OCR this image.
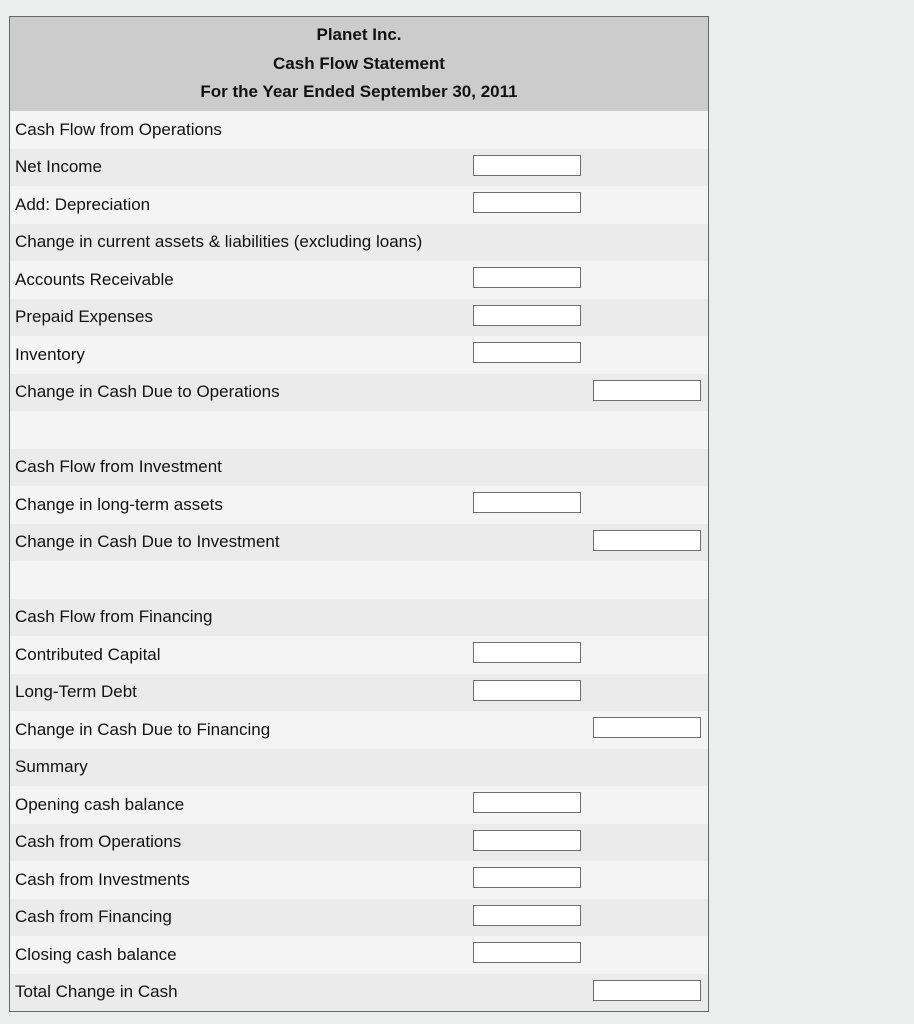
Planet Inc.
Cash Flow Statement
For the Year Ended September 30, 2011
Cash Flow from Operations
Net Income
Add: Depreciation
Change in current assets & liabilities (excluding loans)
Accounts Receivable
Prepaid Expenses
Inventory
Change in Cash Due to Operations
Cash Flow from Investment
Change in long-term assets
Change in Cash Due to Investment
Cash Flow from Financing
Contributed Capital
Long-Term Debt
Change in Cash Due to Financing
Summary
Opening cash balance
Cash from Operations
Cash from Investments
Cash from Financing
Closing cash balance
Total Change in Cash
